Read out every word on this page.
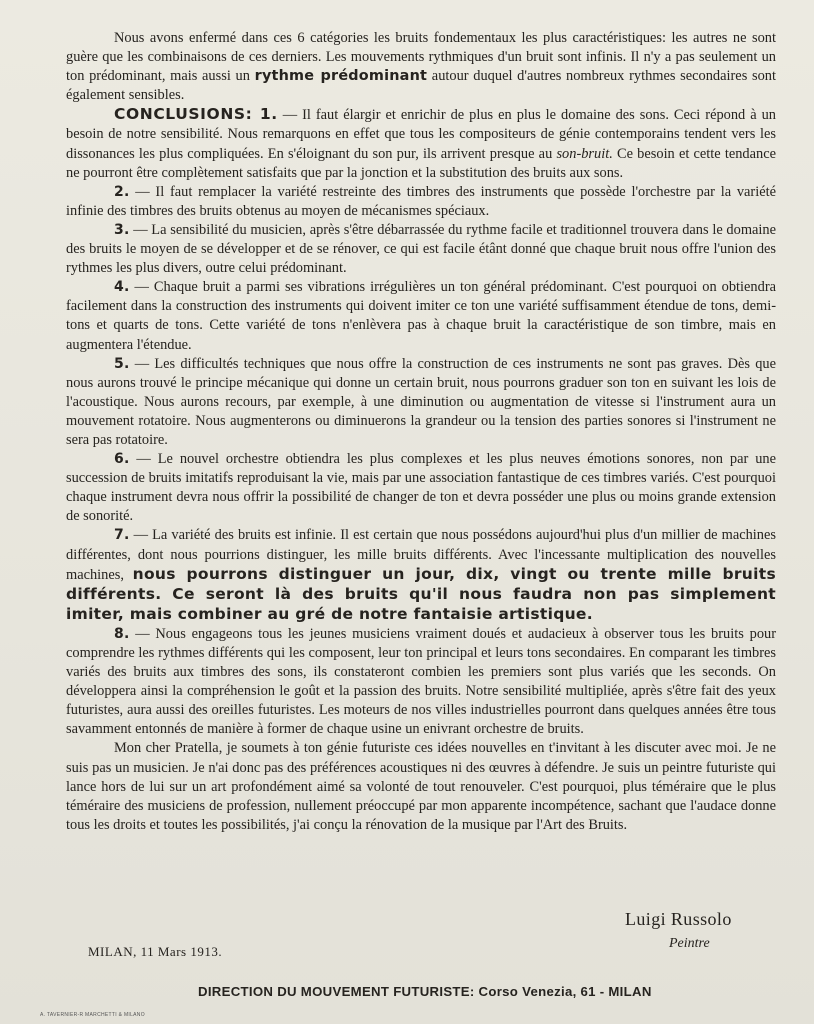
Nous avons enfermé dans ces 6 catégories les bruits fondementaux les plus caractéristiques: les autres ne sont guère que les combinaisons de ces derniers. Les mouvements rythmiques d'un bruit sont infinis. Il n'y a pas seulement un ton prédominant, mais aussi un rythme prédominant autour duquel d'autres nombreux rythmes secondaires sont également sensibles.

CONCLUSIONS: 1. — Il faut élargir et enrichir de plus en plus le domaine des sons. Ceci répond à un besoin de notre sensibilité. Nous remarquons en effet que tous les compositeurs de génie contemporains tendent vers les dissonances les plus compliquées. En s'éloignant du son pur, ils arrivent presque au son-bruit. Ce besoin et cette tendance ne pourront être complètement satisfaits que par la jonction et la substitution des bruits aux sons.

2. — Il faut remplacer la variété restreinte des timbres des instruments que possède l'orchestre par la variété infinie des timbres des bruits obtenus au moyen de mécanismes spéciaux.

3. — La sensibilité du musicien, après s'être débarrassée du rythme facile et traditionnel trouvera dans le domaine des bruits le moyen de se développer et de se rénover, ce qui est facile étânt donné que chaque bruit nous offre l'union des rythmes les plus divers, outre celui prédominant.

4. — Chaque bruit a parmi ses vibrations irrégulières un ton général prédominant. C'est pourquoi on obtiendra facilement dans la construction des instruments qui doivent imiter ce ton une variété suffisamment étendue de tons, demi-tons et quarts de tons. Cette variété de tons n'enlèvera pas à chaque bruit la caractéristique de son timbre, mais en augmentera l'étendue.

5. — Les difficultés techniques que nous offre la construction de ces instruments ne sont pas graves. Dès que nous aurons trouvé le principe mécanique qui donne un certain bruit, nous pourrons graduer son ton en suivant les lois de l'acoustique. Nous aurons recours, par exemple, à une diminution ou augmentation de vitesse si l'instrument aura un mouvement rotatoire. Nous augmenterons ou diminuerons la grandeur ou la tension des parties sonores si l'instrument ne sera pas rotatoire.

6. — Le nouvel orchestre obtiendra les plus complexes et les plus neuves émotions sonores, non par une succession de bruits imitatifs reproduisant la vie, mais par une association fantastique de ces timbres variés. C'est pourquoi chaque instrument devra nous offrir la possibilité de changer de ton et devra posséder une plus ou moins grande extension de sonorité.

7. — La variété des bruits est infinie. Il est certain que nous possédons aujourd'hui plus d'un millier de machines différentes, dont nous pourrions distinguer, les mille bruits différents. Avec l'incessante multiplication des nouvelles machines, nous pourrons distinguer un jour, dix, vingt ou trente mille bruits différents. Ce seront là des bruits qu'il nous faudra non pas simplement imiter, mais combiner au gré de notre fantaisie artistique.

8. — Nous engageons tous les jeunes musiciens vraiment doués et audacieux à observer tous les bruits pour comprendre les rythmes différents qui les composent, leur ton principal et leurs tons secondaires. En comparant les timbres variés des bruits aux timbres des sons, ils constateront combien les premiers sont plus variés que les seconds. On développera ainsi la compréhension le goût et la passion des bruits. Notre sensibilité multipliée, après s'être fait des yeux futuristes, aura aussi des oreilles futuristes. Les moteurs de nos villes industrielles pourront dans quelques années être tous savamment entonnés de manière à former de chaque usine un enivrant orchestre de bruits.

Mon cher Pratella, je soumets à ton génie futuriste ces idées nouvelles en t'invitant à les discuter avec moi. Je ne suis pas un musicien. Je n'ai donc pas des préférences acoustiques ni des œuvres à défendre. Je suis un peintre futuriste qui lance hors de lui sur un art profondément aimé sa volonté de tout renouveler. C'est pourquoi, plus téméraire que le plus téméraire des musiciens de profession, nullement préoccupé par mon apparente incompétence, sachant que l'audace donne tous les droits et toutes les possibilités, j'ai conçu la rénovation de la musique par l'Art des Bruits.

Luigi Russolo
Peintre
MILAN, 11 Mars 1913.
DIRECTION DU MOUVEMENT FUTURISTE: Corso Venezia, 61 - MILAN
A. TAVERNIER-R MARCHETTI & MILANO
